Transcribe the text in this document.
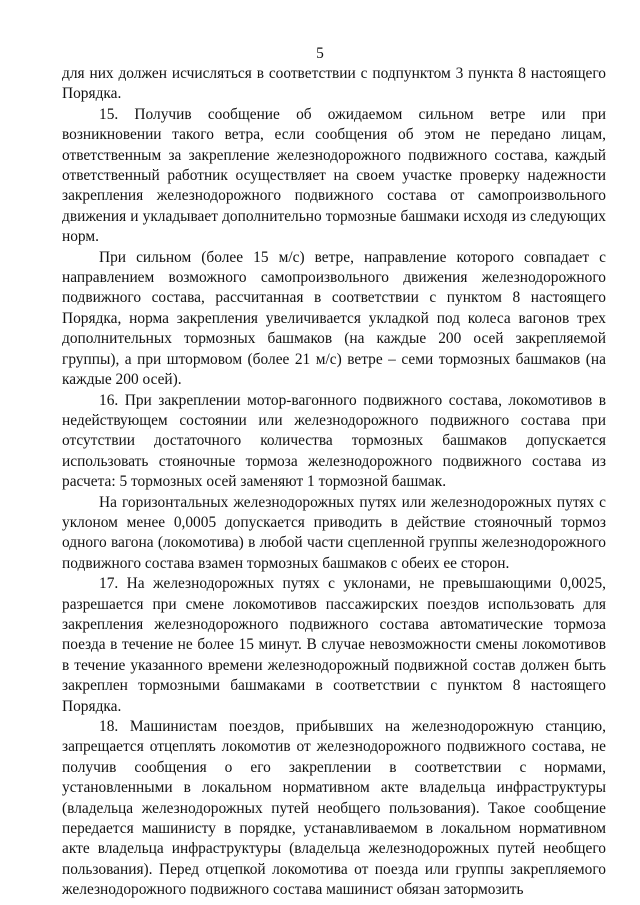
5

для них должен исчисляться в соответствии с подпунктом 3 пункта 8 настоящего Порядка.

15. Получив сообщение об ожидаемом сильном ветре или при возникновении такого ветра, если сообщения об этом не передано лицам, ответственным за закрепление железнодорожного подвижного состава, каждый ответственный работник осуществляет на своем участке проверку надежности закрепления железнодорожного подвижного состава от самопроизвольного движения и укладывает дополнительно тормозные башмаки исходя из следующих норм.

При сильном (более 15 м/с) ветре, направление которого совпадает с направлением возможного самопроизвольного движения железнодорожного подвижного состава, рассчитанная в соответствии с пунктом 8 настоящего Порядка, норма закрепления увеличивается укладкой под колеса вагонов трех дополнительных тормозных башмаков (на каждые 200 осей закрепляемой группы), а при штормовом (более 21 м/с) ветре – семи тормозных башмаков (на каждые 200 осей).

16. При закреплении мотор-вагонного подвижного состава, локомотивов в недействующем состоянии или железнодорожного подвижного состава при отсутствии достаточного количества тормозных башмаков допускается использовать стояночные тормоза железнодорожного подвижного состава из расчета: 5 тормозных осей заменяют 1 тормозной башмак.

На горизонтальных железнодорожных путях или железнодорожных путях с уклоном менее 0,0005 допускается приводить в действие стояночный тормоз одного вагона (локомотива) в любой части сцепленной группы железнодорожного подвижного состава взамен тормозных башмаков с обеих ее сторон.

17. На железнодорожных путях с уклонами, не превышающими 0,0025, разрешается при смене локомотивов пассажирских поездов использовать для закрепления железнодорожного подвижного состава автоматические тормоза поезда в течение не более 15 минут. В случае невозможности смены локомотивов в течение указанного времени железнодорожный подвижной состав должен быть закреплен тормозными башмаками в соответствии с пунктом 8 настоящего Порядка.

18. Машинистам поездов, прибывших на железнодорожную станцию, запрещается отцеплять локомотив от железнодорожного подвижного состава, не получив сообщения о его закреплении в соответствии с нормами, установленными в локальном нормативном акте владельца инфраструктуры (владельца железнодорожных путей необщего пользования). Такое сообщение передается машинисту в порядке, устанавливаемом в локальном нормативном акте владельца инфраструктуры (владельца железнодорожных путей необщего пользования). Перед отцепкой локомотива от поезда или группы закрепляемого железнодорожного подвижного состава машинист обязан затормозить
